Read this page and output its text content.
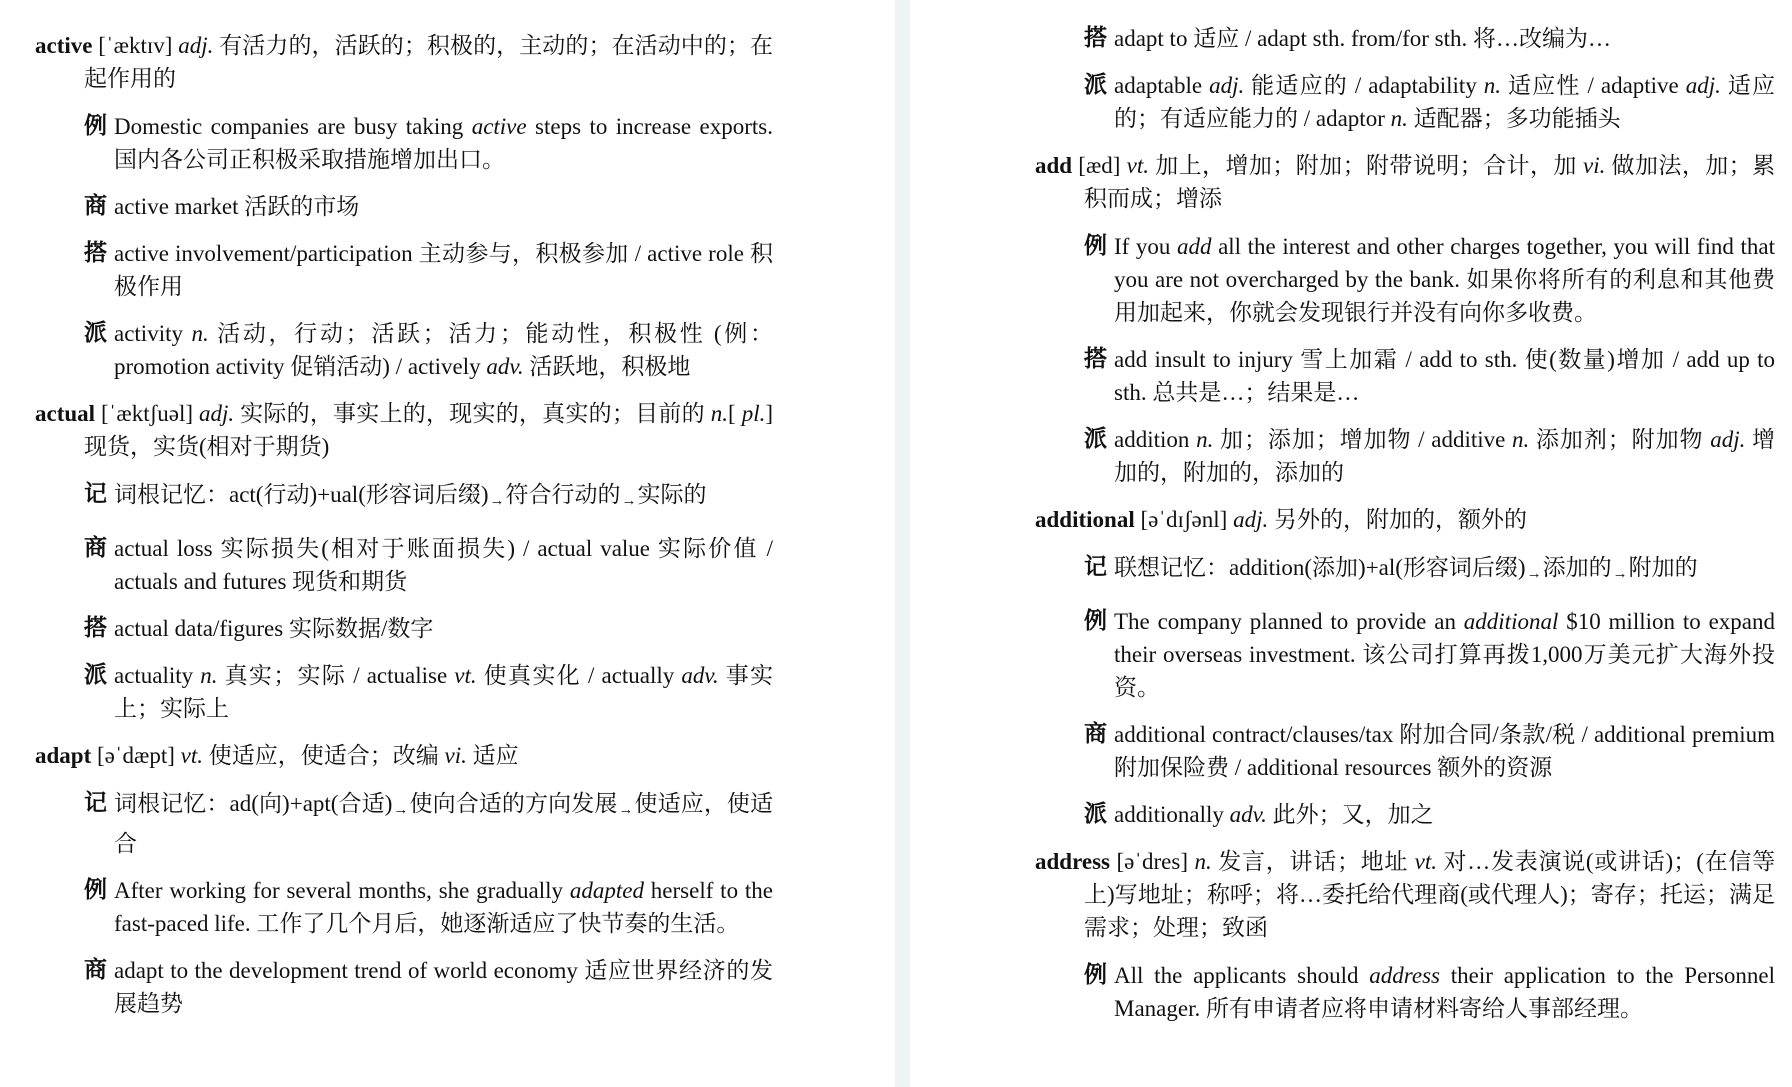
active [ˈæktɪv] adj. 有活力的，活跃的；积极的，主动的；在活动中的；在起作用的
例 Domestic companies are busy taking active steps to increase exports. 国内各公司正积极采取措施增加出口。
商 active market 活跃的市场
搭 active involvement/participation 主动参与，积极参加 / active role 积极作用
派 activity n. 活动，行动；活跃；活力；能动性，积极性 (例：promotion activity 促销活动) / actively adv. 活跃地，积极地
actual [ˈæktʃuəl] adj. 实际的，事实上的，现实的，真实的；目前的 n.[ pl.] 现货，实货(相对于期货)
记 词根记忆：act(行动)+ual(形容词后缀)→符合行动的→实际的
商 actual loss 实际损失(相对于账面损失) / actual value 实际价值 / actuals and futures 现货和期货
搭 actual data/figures 实际数据/数字
派 actuality n. 真实；实际 / actualise vt. 使真实化 / actually adv. 事实上；实际上
adapt [əˈdæpt] vt. 使适应，使适合；改编 vi. 适应
记 词根记忆：ad(向)+apt(合适)→使向合适的方向发展→使适应，使适合
例 After working for several months, she gradually adapted herself to the fast-paced life. 工作了几个月后，她逐渐适应了快节奏的生活。
商 adapt to the development trend of world economy 适应世界经济的发展趋势
搭 adapt to 适应 / adapt sth. from/for sth. 将…改编为…
派 adaptable adj. 能适应的 / adaptability n. 适应性 / adaptive adj. 适应的；有适应能力的 / adaptor n. 适配器；多功能插头
add [æd] vt. 加上，增加；附加；附带说明；合计，加 vi. 做加法，加；累积而成；增添
例 If you add all the interest and other charges together, you will find that you are not overcharged by the bank. 如果你将所有的利息和其他费用加起来，你就会发现银行并没有向你多收费。
搭 add insult to injury 雪上加霜 / add to sth. 使(数量)增加 / add up to sth. 总共是…；结果是…
派 addition n. 加；添加；增加物 / additive n. 添加剂；附加物 adj. 增加的，附加的，添加的
additional [əˈdɪʃənl] adj. 另外的，附加的，额外的
记 联想记忆：addition(添加)+al(形容词后缀)→添加的→附加的
例 The company planned to provide an additional $10 million to expand their overseas investment. 该公司打算再拨1,000万美元扩大海外投资。
商 additional contract/clauses/tax 附加合同/条款/税 / additional premium 附加保险费 / additional resources 额外的资源
派 additionally adv. 此外；又，加之
address [əˈdres] n. 发言，讲话；地址 vt. 对…发表演说(或讲话)；(在信等上)写地址；称呼；将…委托给代理商(或代理人)；寄存；托运；满足需求；处理；致函
例 All the applicants should address their application to the Personnel Manager. 所有申请者应将申请材料寄给人事部经理。
